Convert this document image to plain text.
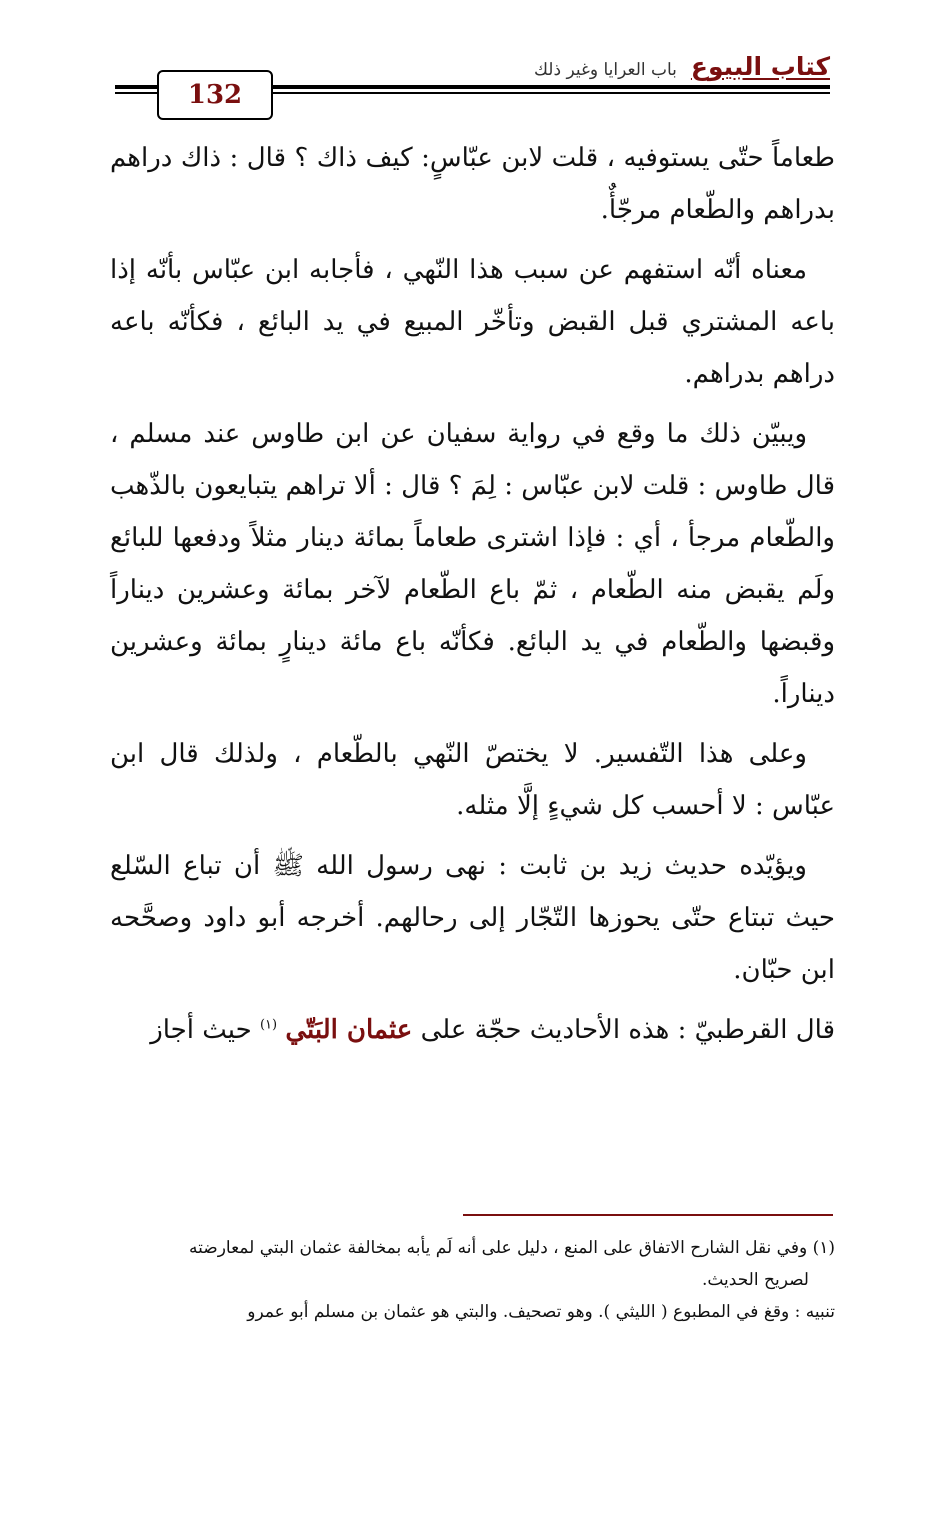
كتاب البيوع
باب العرايا وغير ذلك
132

طعاماً حتّى يستوفيه ، قلت لابن عبّاسٍ: كيف ذاك ؟ قال : ذاك دراهم بدراهم والطّعام مرجّأٌ.

معناه أنّه استفهم عن سبب هذا النّهي ، فأجابه ابن عبّاس بأنّه إذا باعه المشتري قبل القبض وتأخّر المبيع في يد البائع ، فكأنّه باعه دراهم بدراهم.

ويبيّن ذلك ما وقع في رواية سفيان عن ابن طاوس عند مسلم ، قال طاوس : قلت لابن عبّاس : لِمَ ؟ قال : ألا تراهم يتبايعون بالذّهب والطّعام مرجأ ، أي : فإذا اشترى طعاماً بمائة دينار مثلاً ودفعها للبائع ولَم يقبض منه الطّعام ، ثمّ باع الطّعام لآخر بمائة وعشرين ديناراً وقبضها والطّعام في يد البائع. فكأنّه باع مائة دينارٍ بمائة وعشرين ديناراً.

وعلى هذا التّفسير. لا يختصّ النّهي بالطّعام ، ولذلك قال ابن عبّاس : لا أحسب كل شيءٍ إلَّا مثله.

ويؤيّده حديث زيد بن ثابت : نهى رسول الله ﷺ أن تباع السّلع حيث تبتاع حتّى يحوزها التّجّار إلى رحالهم. أخرجه أبو داود وصحَّحه ابن حبّان.

قال القرطبيّ : هذه الأحاديث حجّة على عثمان البَتّي $^{(١)}$ حيث أجاز

(١) وفي نقل الشارح الاتفاق على المنع ، دليل على أنه لَم يأبه بمخالفة عثمان البتي لمعارضته

لصريح الحديث.

تنبيه : وقغ في المطبوع ( الليثي ). وهو تصحيف. والبتي هو عثمان بن مسلم أبو عمرو
